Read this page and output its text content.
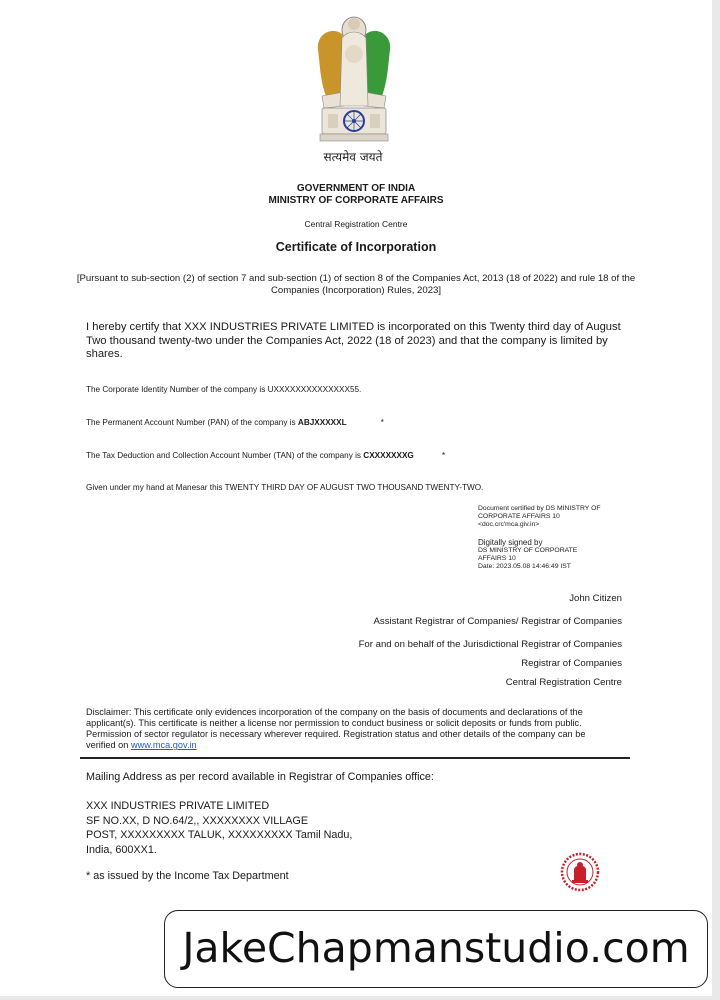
सत्यमेव जयते
GOVERNMENT OF INDIA
MINISTRY OF CORPORATE AFFAIRS
Central Registration Centre
Certificate of Incorporation
[Pursuant to sub-section (2) of section 7 and sub-section (1) of section 8 of the Companies Act, 2013 (18 of 2022) and rule 18 of the Companies (Incorporation) Rules, 2023]
I hereby certify that XXX INDUSTRIES PRIVATE LIMITED is incorporated on this Twenty third day of August Two thousand twenty-two under the Companies Act, 2022 (18 of 2023) and that the company is limited by shares.
The Corporate Identity Number of the company is UXXXXXXXXXXXXXX55.
The Permanent Account Number (PAN) of the company is ABJXXXXXL	*
The Tax Deduction and Collection Account Number (TAN) of the company is CXXXXXXXG	*
Given under my hand at Manesar this TWENTY THIRD DAY OF AUGUST TWO THOUSAND TWENTY-TWO.
Document certified by DS MINISTRY OF
CORPORATE AFFAIRS 10
<doc.crc'mca.giv.in>
Digitally signed by
DS MINISTRY OF CORPORATE
AFFAIRS 10
Date: 2023.05.08 14:46:49 IST
John Citizen
Assistant Registrar of Companies/ Registrar of Companies
For and on behalf of the Jurisdictional Registrar of Companies
Registrar of Companies
Central Registration Centre
Disclaimer: This certificate only evidences incorporation of the company on the basis of documents and declarations of the applicant(s). This certificate is neither a license nor permission to conduct business or solicit deposits or funds from public. Permission of sector regulator is necessary wherever required. Registration status and other details of the company can be verified on www.mca.gov.in
Mailing Address as per record available in Registrar of Companies office:
XXX INDUSTRIES PRIVATE LIMITED
SF NO.XX, D NO.64/2,, XXXXXXXX VILLAGE
POST, XXXXXXXXX TALUK, XXXXXXXXX Tamil Nadu,
India, 600XX1.
* as issued by the Income Tax Department
JakeChapmanstudio.com
